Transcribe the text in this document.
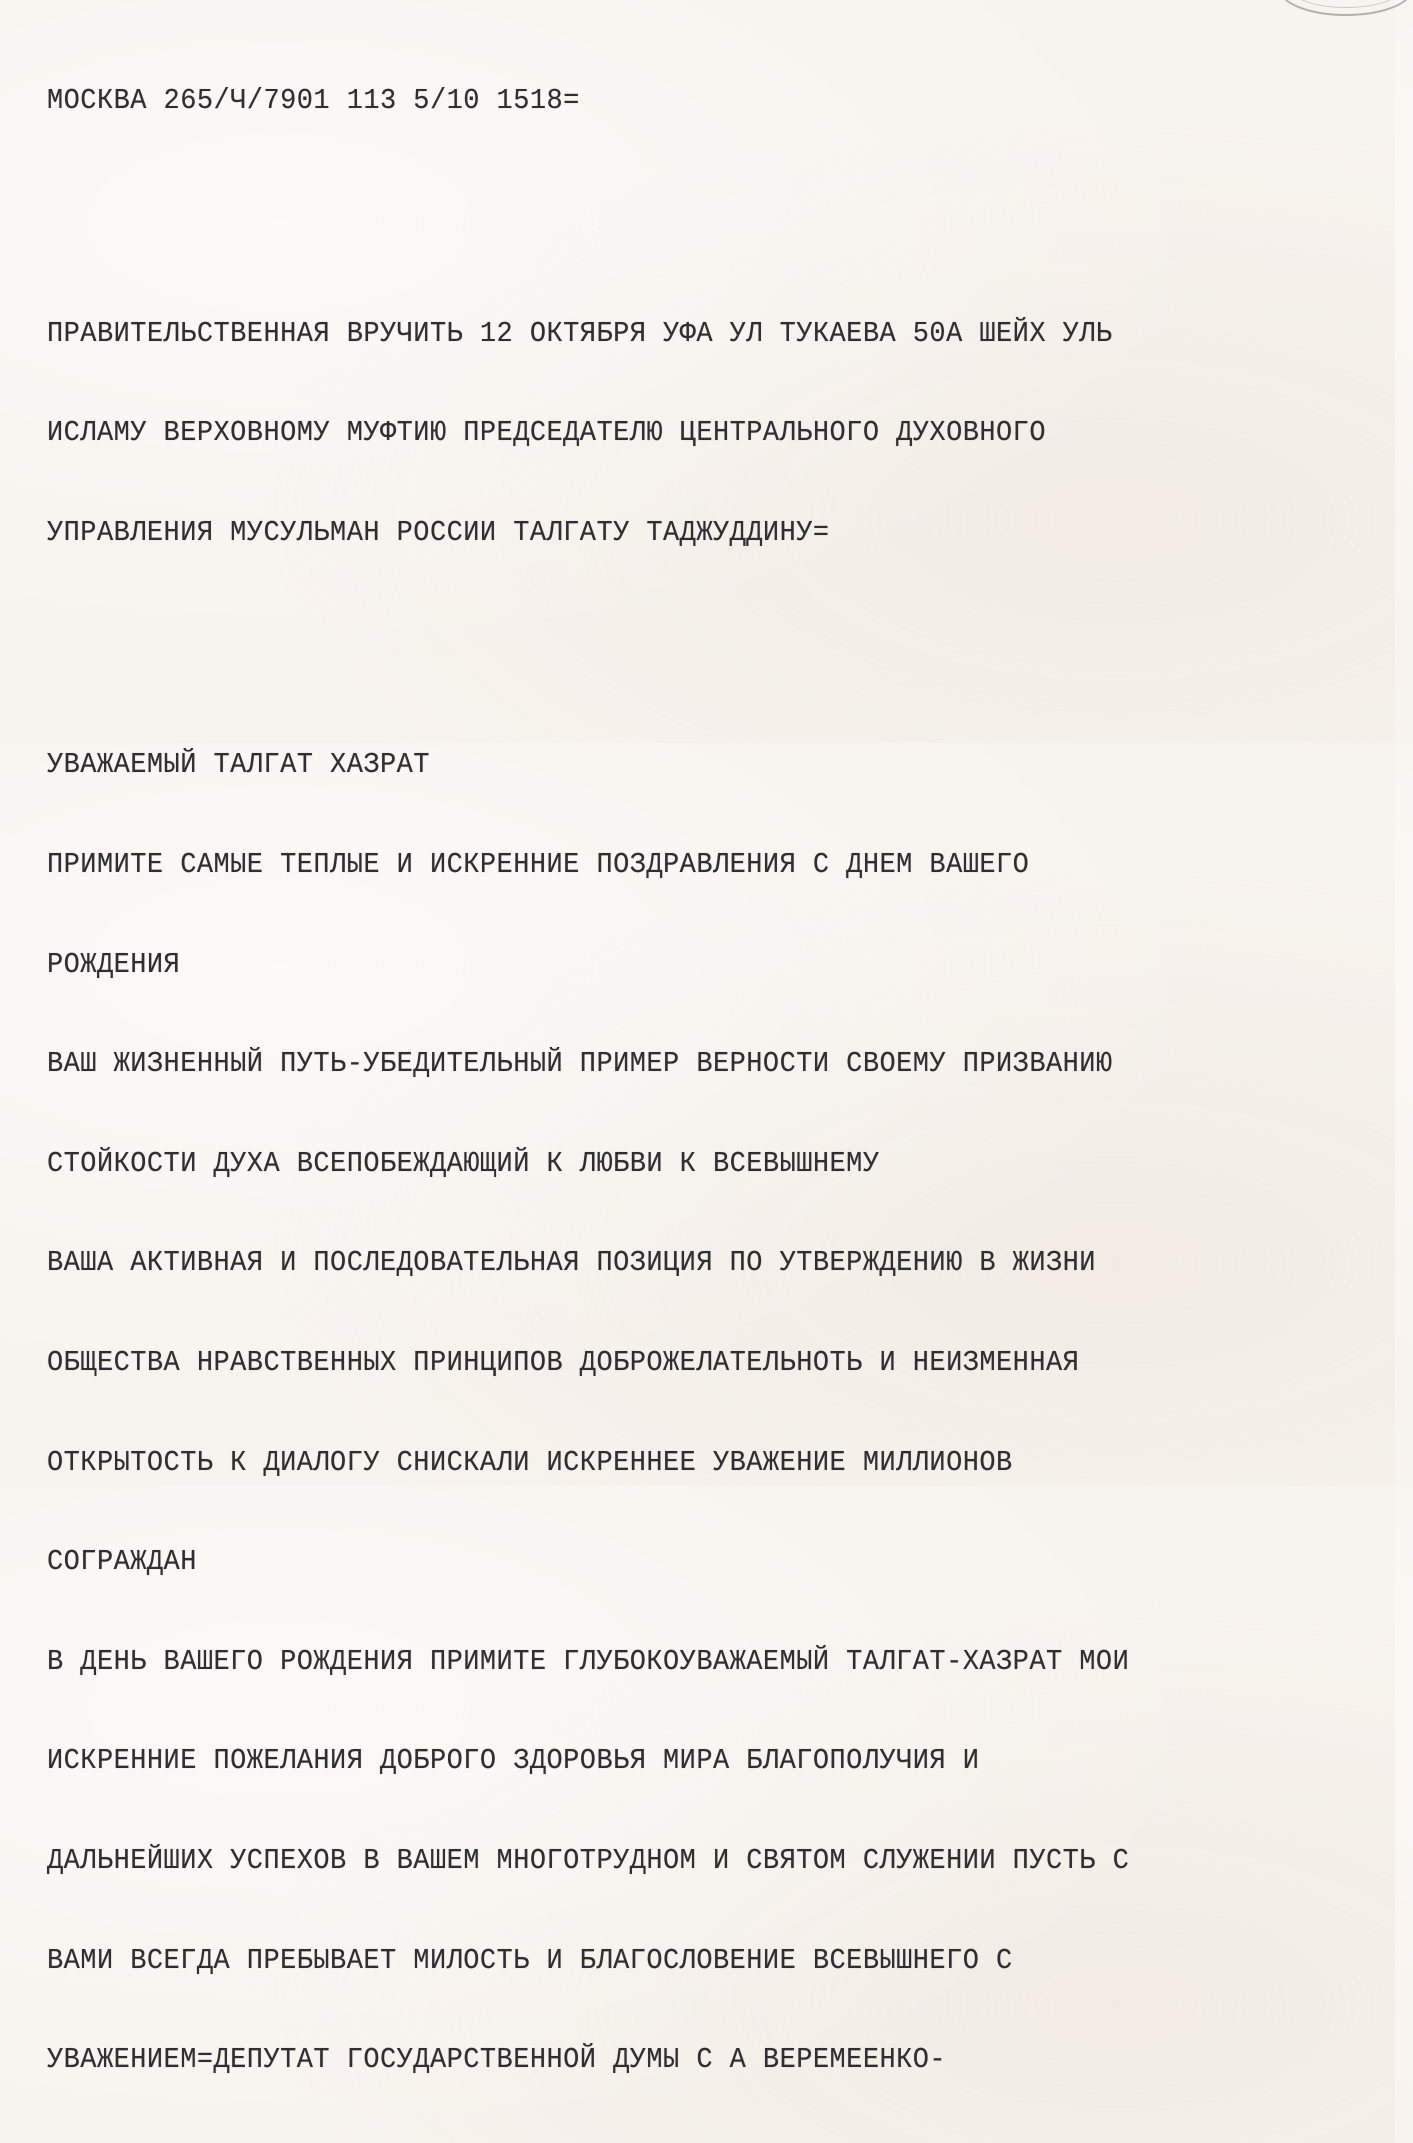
МОСКВА 265/Ч/7901 113 5/10 1518=

ПРАВИТЕЛЬСТВЕННАЯ ВРУЧИТЬ 12 ОКТЯБРЯ УФА УЛ ТУКАЕВА 50А ШЕЙХ УЛЬ

ИСЛАМУ ВЕРХОВНОМУ МУФТИЮ ПРЕДСЕДАТЕЛЮ ЦЕНТРАЛЬНОГО ДУХОВНОГО

УПРАВЛЕНИЯ МУСУЛЬМАН РОССИИ ТАЛГАТУ ТАДЖУДДИНУ=

УВАЖАЕМЫЙ ТАЛГАТ ХАЗРАТ

ПРИМИТЕ САМЫЕ ТЕПЛЫЕ И ИСКРЕННИЕ ПОЗДРАВЛЕНИЯ С ДНЕМ ВАШЕГО

РОЖДЕНИЯ

ВАШ ЖИЗНЕННЫЙ ПУТЬ-УБЕДИТЕЛЬНЫЙ ПРИМЕР ВЕРНОСТИ СВОЕМУ ПРИЗВАНИЮ

СТОЙКОСТИ ДУХА ВСЕПОБЕЖДАЮЩИЙ К ЛЮБВИ К ВСЕВЫШНЕМУ

ВАША АКТИВНАЯ И ПОСЛЕДОВАТЕЛЬНАЯ ПОЗИЦИЯ ПО УТВЕРЖДЕНИЮ В ЖИЗНИ

ОБЩЕСТВА НРАВСТВЕННЫХ ПРИНЦИПОВ ДОБРОЖЕЛАТЕЛЬНОТЬ И НЕИЗМЕННАЯ

ОТКРЫТОСТЬ К ДИАЛОГУ СНИСКАЛИ ИСКРЕННЕЕ УВАЖЕНИЕ МИЛЛИОНОВ

СОГРАЖДАН

В ДЕНЬ ВАШЕГО РОЖДЕНИЯ ПРИМИТЕ ГЛУБОКОУВАЖАЕМЫЙ ТАЛГАТ-ХАЗРАТ МОИ

ИСКРЕННИЕ ПОЖЕЛАНИЯ ДОБРОГО ЗДОРОВЬЯ МИРА БЛАГОПОЛУЧИЯ И

ДАЛЬНЕЙШИХ УСПЕХОВ В ВАШЕМ МНОГОТРУДНОМ И СВЯТОМ СЛУЖЕНИИ ПУСТЬ С

ВАМИ ВСЕГДА ПРЕБЫВАЕТ МИЛОСТЬ И БЛАГОСЛОВЕНИЕ ВСЕВЫШНЕГО С

УВАЖЕНИЕМ=ДЕПУТАТ ГОСУДАРСТВЕННОЙ ДУМЫ С А ВЕРЕМЕЕНКО-
